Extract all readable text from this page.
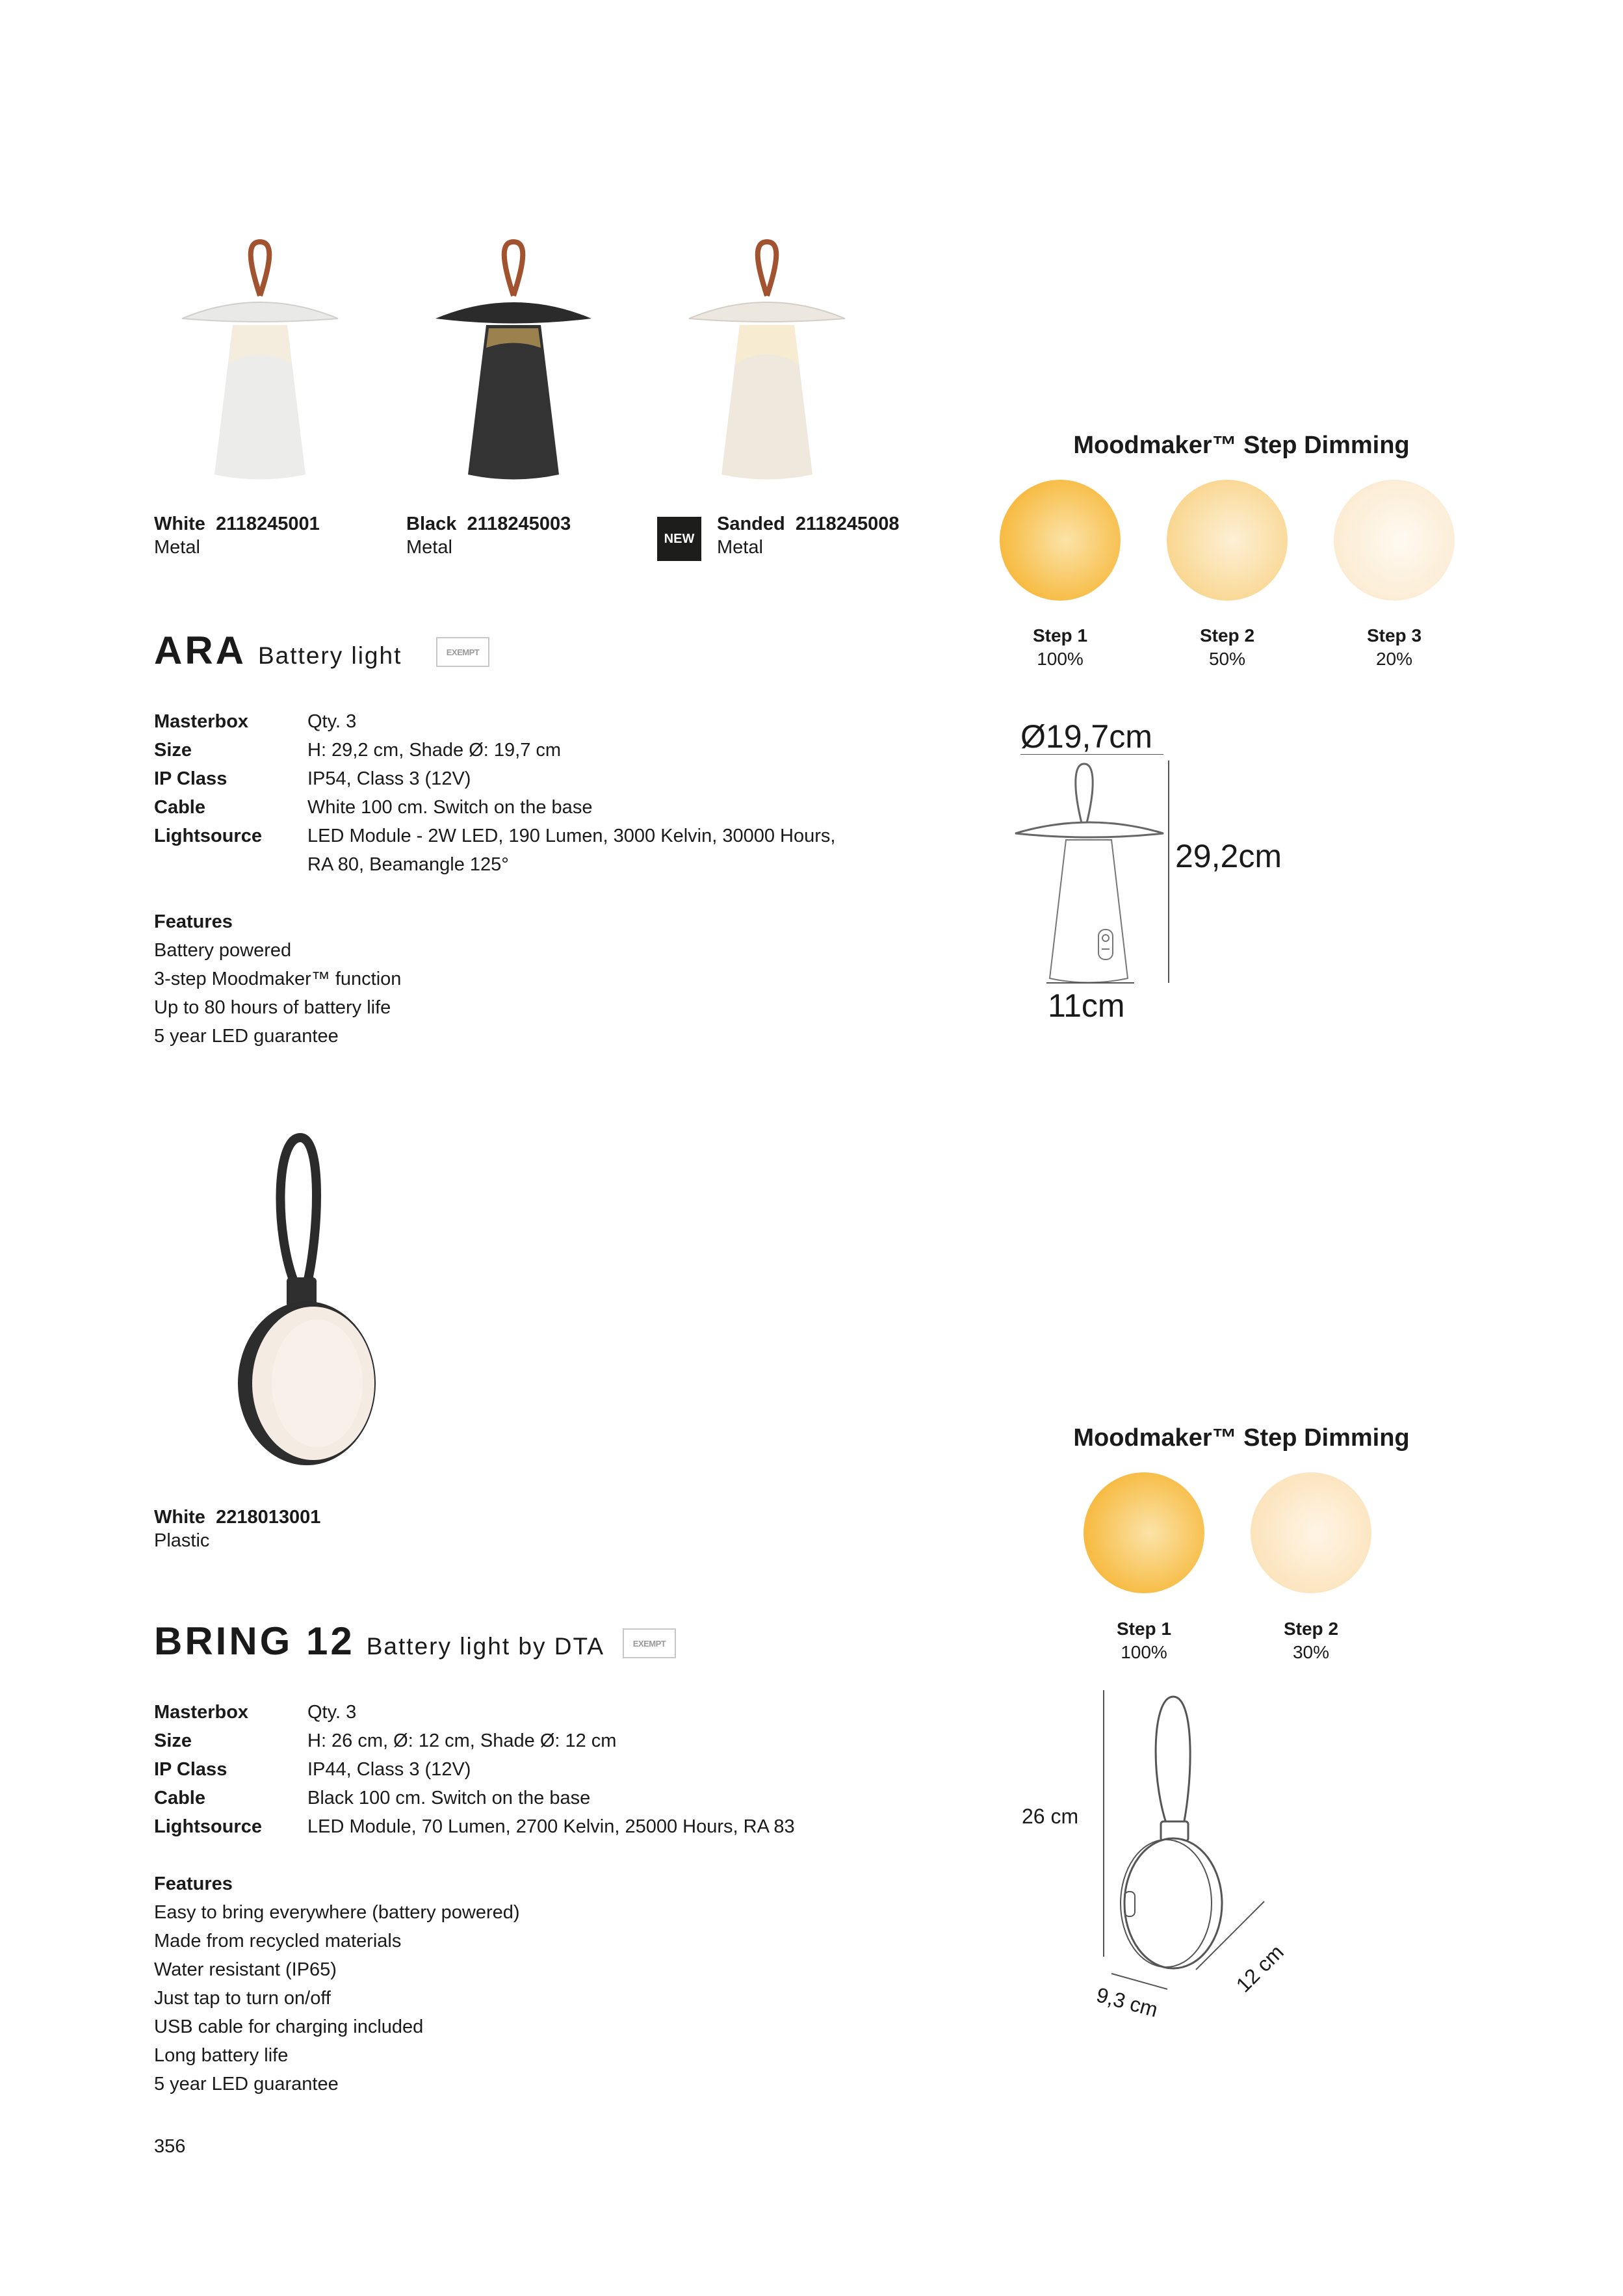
White 2118245001
Metal
Black 2118245003
Metal	NEW
Sanded 2118245008
Metal
ARA Battery light	EXEMPT
Masterbox	Qty. 3
Size	H: 29,2 cm, Shade Ø: 19,7 cm
IP Class	IP54, Class 3 (12V)
Cable	White 100 cm. Switch on the base
Lightsource	LED Module - 2W LED, 190 Lumen, 3000 Kelvin, 30000 Hours, RA 80, Beamangle 125°
Features
Battery powered
3-step Moodmaker™ function
Up to 80 hours of battery life
5 year LED guarantee
Moodmaker™ Step Dimming
Step 1
100%
Step 2
50%
Step 3
20%
Ø19,7cm
29,2cm
11cm
White 2218013001
Plastic
BRING 12 Battery light by DTA	EXEMPT
Masterbox	Qty. 3
Size	H: 26 cm, Ø: 12 cm, Shade Ø: 12 cm
IP Class	IP44, Class 3 (12V)
Cable	Black 100 cm. Switch on the base
Lightsource	LED Module, 70 Lumen, 2700 Kelvin, 25000 Hours, RA 83
Features
Easy to bring everywhere (battery powered)
Made from recycled materials
Water resistant (IP65)
Just tap to turn on/off
USB cable for charging included
Long battery life
5 year LED guarantee
Moodmaker™ Step Dimming
Step 1
100%
Step 2
30%
26 cm
9,3 cm
12 cm
356
